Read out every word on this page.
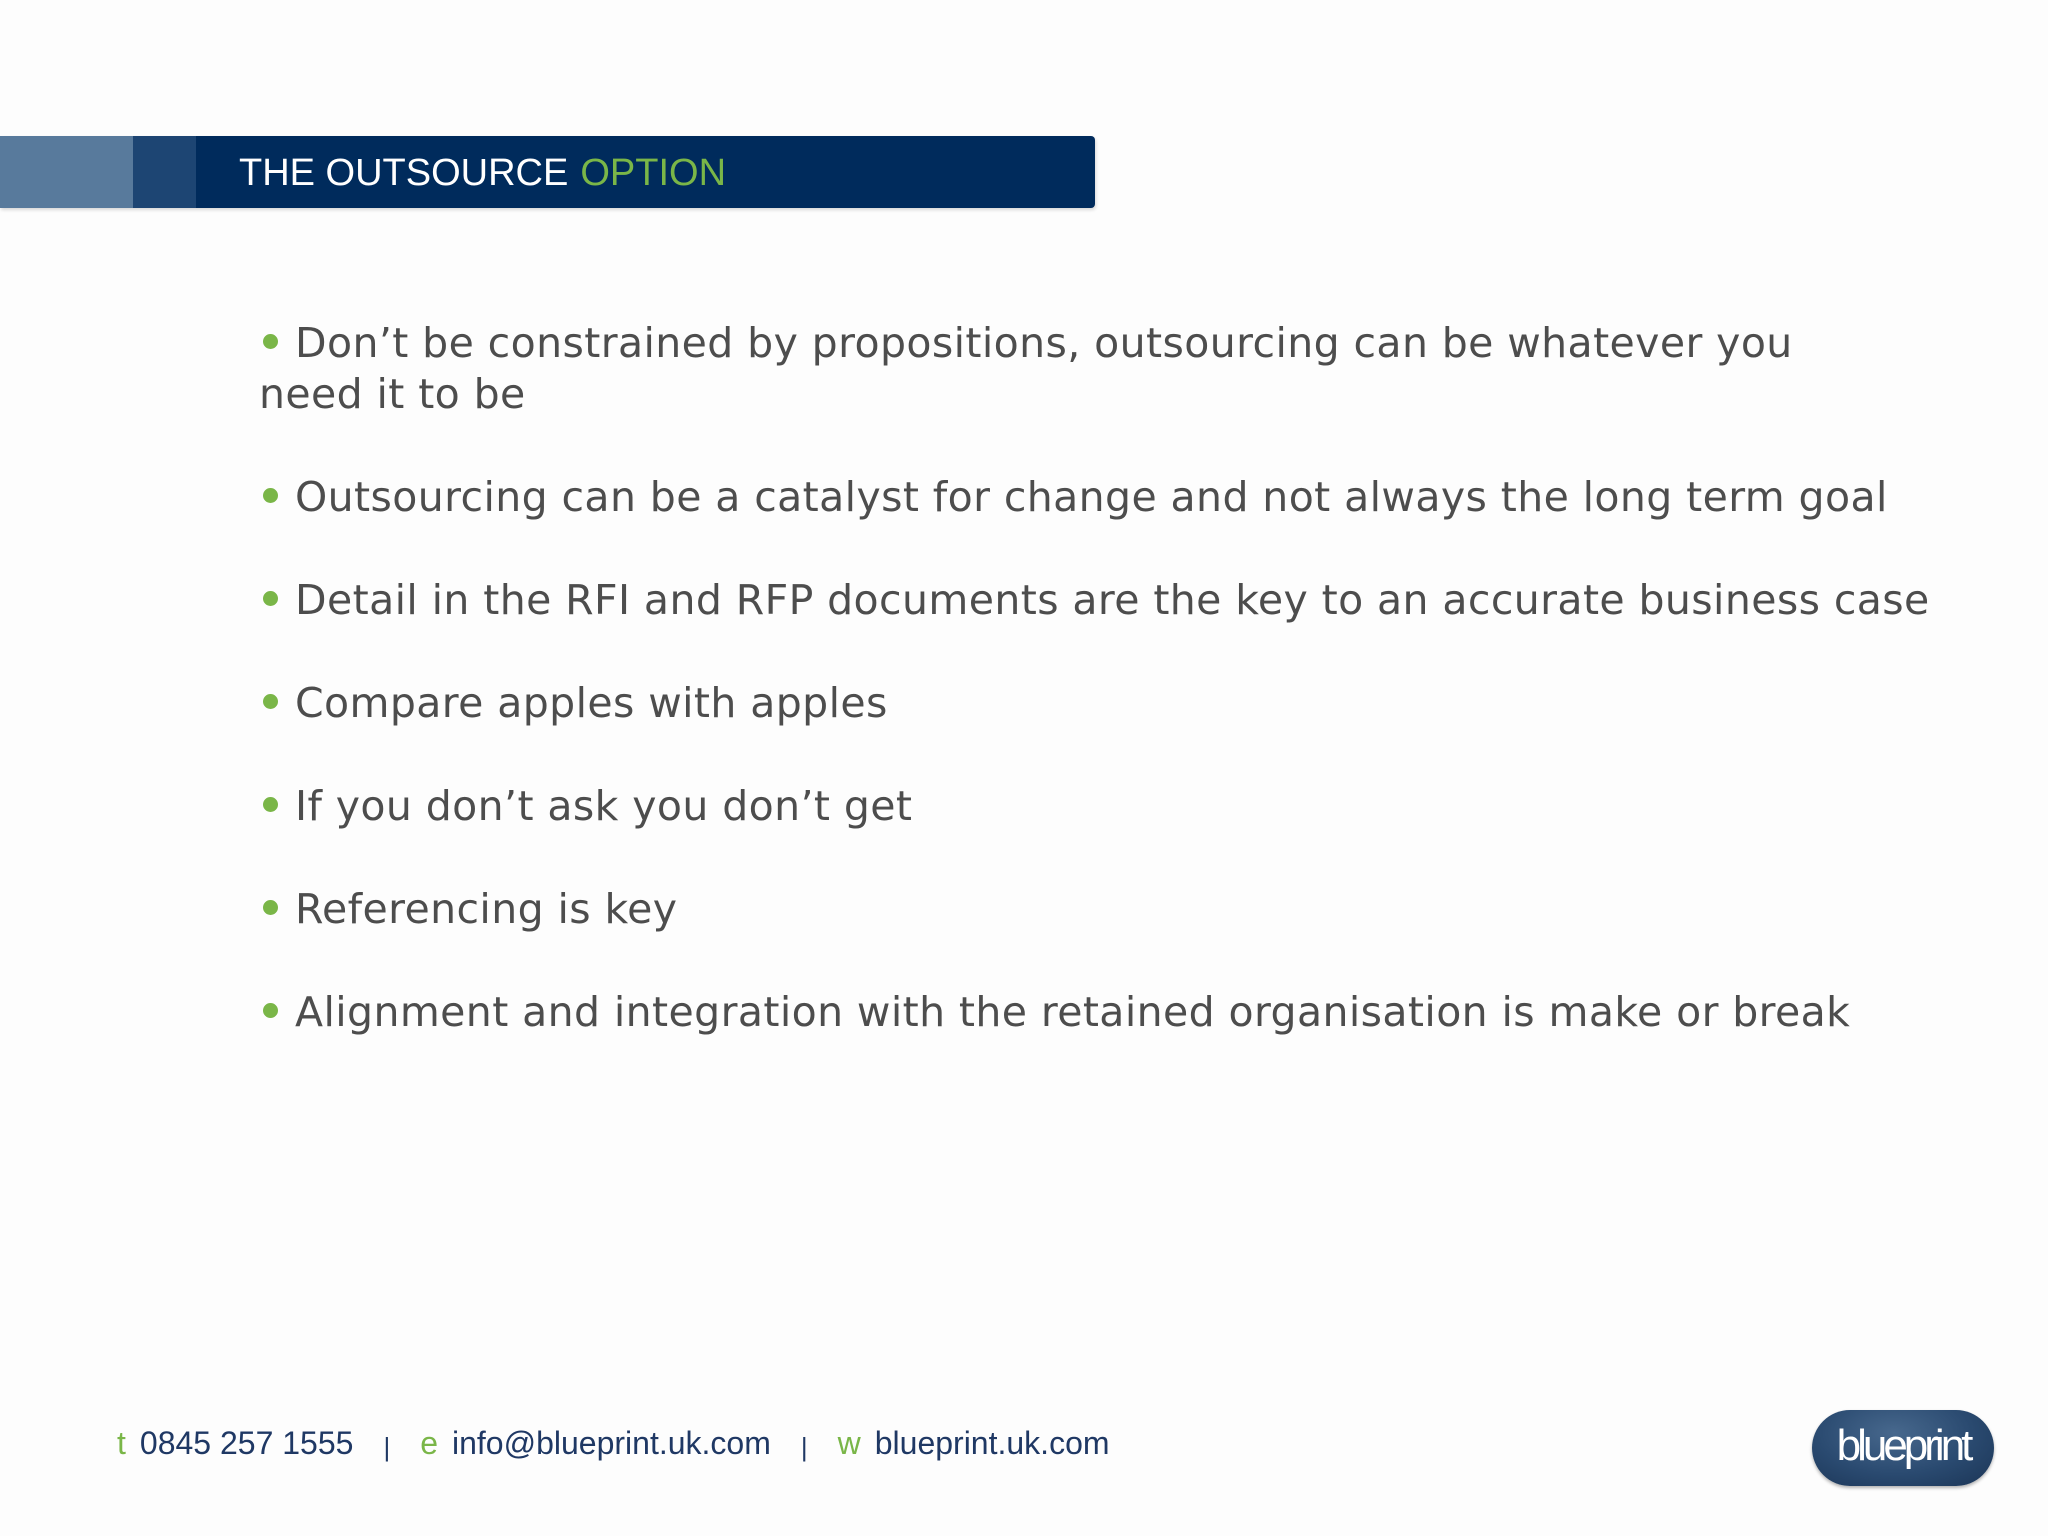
THE OUTSOURCE OPTION
Don’t be constrained by propositions, outsourcing can be whatever you need it to be
Outsourcing can be a catalyst for change and not always the long term goal
Detail in the RFI and RFP documents are the key to an accurate business case
Compare apples with apples
If you don’t ask you don’t get
Referencing is key
Alignment and integration with the retained organisation is make or break
t 0845 257 1555 | e info@blueprint.uk.com | w blueprint.uk.com	blueprint
